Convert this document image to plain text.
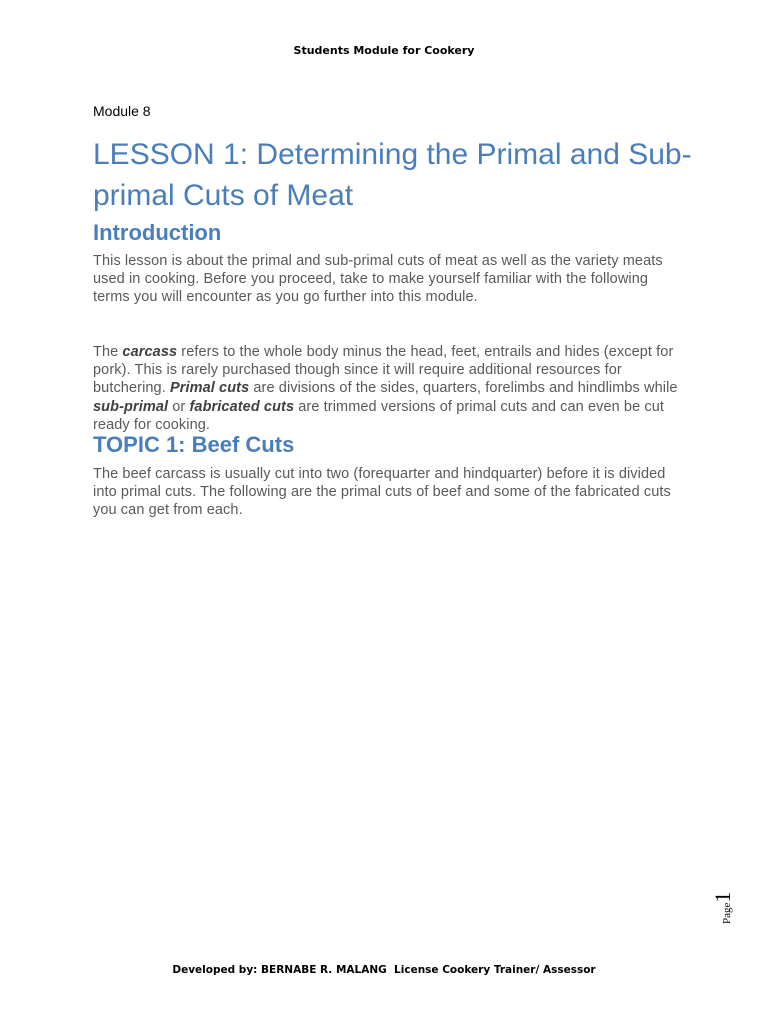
Students Module for Cookery
Module 8
LESSON 1: Determining the Primal and Sub-primal Cuts of Meat
Introduction

This lesson is about the primal and sub-primal cuts of meat as well as the variety meats used in cooking. Before you proceed, take to make yourself familiar with the following terms you will encounter as you go further into this module.

The carcass refers to the whole body minus the head, feet, entrails and hides (except for pork). This is rarely purchased though since it will require additional resources for butchering. Primal cuts are divisions of the sides, quarters, forelimbs and hindlimbs while sub-primal or fabricated cuts are trimmed versions of primal cuts and can even be cut ready for cooking.

TOPIC 1: Beef Cuts

The beef carcass is usually cut into two (forequarter and hindquarter) before it is divided into primal cuts. The following are the primal cuts of beef and some of the fabricated cuts you can get from each.

Page1
Developed by: BERNABE R. MALANG  License Cookery Trainer/ Assessor
